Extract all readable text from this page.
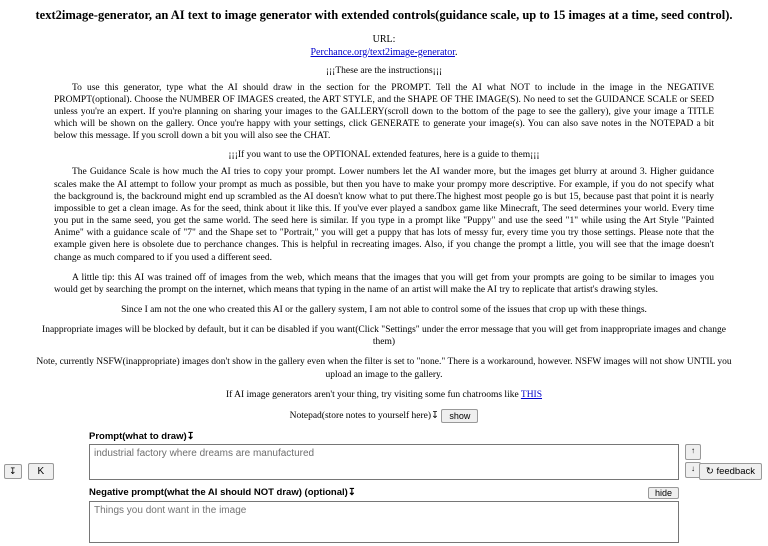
text2image-generator, an AI text to image generator with extended controls(guidance scale, up to 15 images at a time, seed control).
URL:
Perchance.org/text2image-generator.
¡¡¡These are the instructions¡¡¡
To use this generator, type what the AI should draw in the section for the PROMPT. Tell the AI what NOT to include in the image in the NEGATIVE PROMPT(optional). Choose the NUMBER OF IMAGES created, the ART STYLE, and the SHAPE OF THE IMAGE(S). No need to set the GUIDANCE SCALE or SEED unless you're an expert. If you're planning on sharing your images to the GALLERY(scroll down to the bottom of the page to see the gallery), give your image a TITLE which will be shown on the gallery. Once you're happy with your settings, click GENERATE to generate your image(s). You can also save notes in the NOTEPAD a bit below this message. If you scroll down a bit you will also see the CHAT.
¡¡¡If you want to use the OPTIONAL extended features, here is a guide to them¡¡¡
The Guidance Scale is how much the AI tries to copy your prompt. Lower numbers let the AI wander more, but the images get blurry at around 3. Higher guidance scales make the AI attempt to follow your prompt as much as possible, but then you have to make your prompy more descriptive. For example, if you do not specify what the background is, the backround might end up scrambled as the AI doesn't know what to put there.The highest most people go is but 15, because past that point it is nearly impossible to get a clean image. As for the seed, think about it like this. If you've ever played a sandbox game like Minecraft, The seed determines your world. Every time you put in the same seed, you get the same world. The seed here is similar. If you type in a prompt like "Puppy" and use the seed "1" while using the Art Style "Painted Anime" with a guidance scale of "7" and the Shape set to "Portrait," you will get a puppy that has lots of messy fur, every time you try those settings. Please note that the example given here is obsolete due to perchance changes. This is helpful in recreating images. Also, if you change the prompt a little, you will see that the image doesn't change as much compared to if you used a different seed.
A little tip: this AI was trained off of images from the web, which means that the images that you will get from your prompts are going to be similar to images you would get by searching the prompt on the internet, which means that typing in the name of an artist will make the AI try to replicate that artist's drawing styles.
Since I am not the one who created this AI or the gallery system, I am not able to control some of the issues that crop up with these things.
Inappropriate images will be blocked by default, but it can be disabled if you want(Click "Settings" under the error message that you will get from inappropriate images and change them)
Note, currently NSFW(inappropriate) images don't show in the gallery even when the filter is set to "none." There is a workaround, however. NSFW images will not show UNTIL you upload an image to the gallery.
If AI image generators aren't your thing, try visiting some fun chatrooms like THIS
Notepad(store notes to yourself here)↧ show
Prompt(what to draw)↧
industrial factory where dreams are manufactured
↑
↓
Negative prompt(what the AI should NOT draw) (optional)↧	hide
Things you dont want in the image
↧	K	↻ feedback
